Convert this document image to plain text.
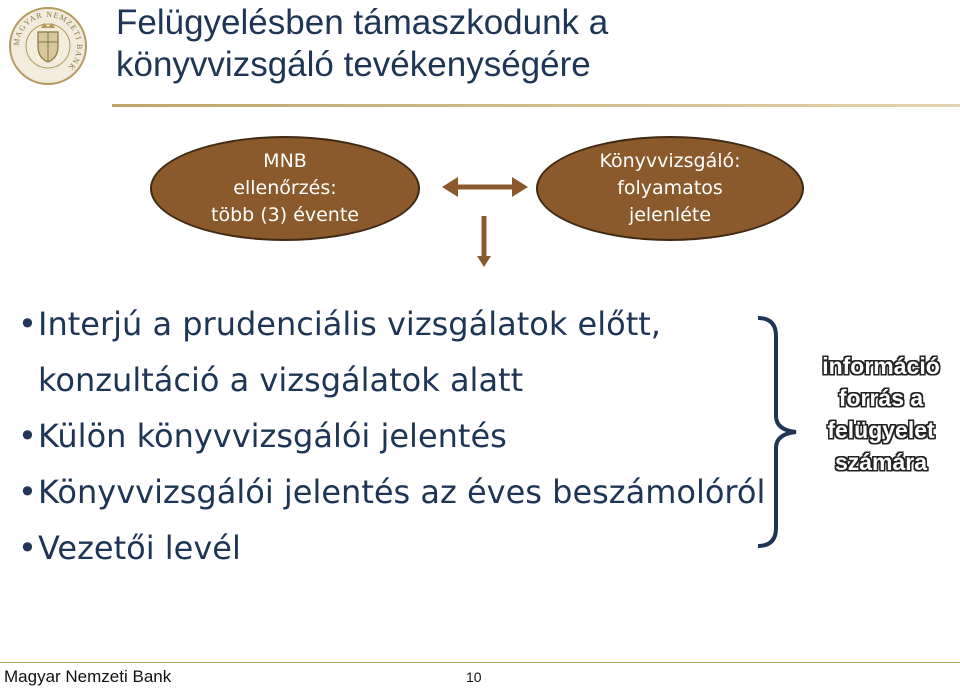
MAGYAR NEMZETI BANK
Felügyelésben támaszkodunk a
könyvvizsgáló tevékenységére
MNB
ellenőrzés:
több (3) évente
Könyvvizsgáló:
folyamatos
jelenléte
• Interjú a prudenciális vizsgálatok előtt,
konzultáció a vizsgálatok alatt
• Külön könyvvizsgálói jelentés
• Könyvvizsgálói jelentés az éves beszámolóról
• Vezetői levél
információ
forrás a
felügyelet
számára
Magyar Nemzeti Bank	10
